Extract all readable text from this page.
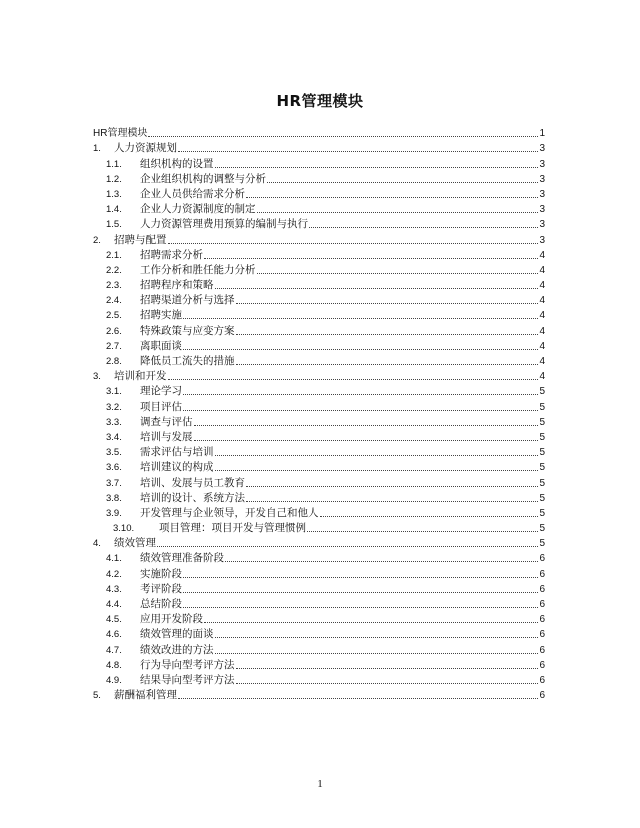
HR管理模块
HR管理模块	1
1.	人力资源规划	3
1.1.	组织机构的设置	3
1.2.	企业组织机构的调整与分析	3
1.3.	企业人员供给需求分析	3
1.4.	企业人力资源制度的制定	3
1.5.	人力资源管理费用预算的编制与执行	3
2.	招聘与配置	3
2.1.	招聘需求分析	4
2.2.	工作分析和胜任能力分析	4
2.3.	招聘程序和策略	4
2.4.	招聘渠道分析与选择	4
2.5.	招聘实施	4
2.6.	特殊政策与应变方案	4
2.7.	离职面谈	4
2.8.	降低员工流失的措施	4
3.	培训和开发	4
3.1.	理论学习	5
3.2.	项目评估	5
3.3.	调查与评估	5
3.4.	培训与发展	5
3.5.	需求评估与培训	5
3.6.	培训建议的构成	5
3.7.	培训、发展与员工教育	5
3.8.	培训的设计、系统方法	5
3.9.	开发管理与企业领导，开发自己和他人	5
3.10.	项目管理：项目开发与管理惯例	5
4.	绩效管理	5
4.1.	绩效管理准备阶段	6
4.2.	实施阶段	6
4.3.	考评阶段	6
4.4.	总结阶段	6
4.5.	应用开发阶段	6
4.6.	绩效管理的面谈	6
4.7.	绩效改进的方法	6
4.8.	行为导向型考评方法	6
4.9.	结果导向型考评方法	6
5.	薪酬福利管理	6
1
